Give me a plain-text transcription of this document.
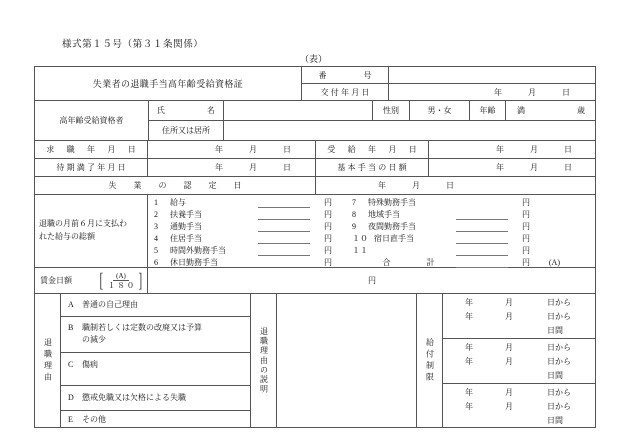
様式第１５号（第３１条関係）
（表）
失業者の退職手当高年齢受給資格証
番　　号
交付年月日	年	月	日
高年齢受給資格者
氏　　　名	性別	男・女	年齢	満　　　歳
住所又は居所
求　職　年　月　日	年	月	日	受　給　年　月　日	年	月	日
待期満了年月日	年	月	日	基本手当の日額	年	月	日
失　業　の　認　定　日	年	月	日
退職の月前６月に支払わ
れた給与の総額
1	給与	円
2	扶養手当	円
3	通勤手当	円
4	住居手当	円
5	時間外勤務手当	円
6	休日勤務手当	円
7	特殊勤務手当	円
8	地域手当	円
9	夜間勤務手当	円
１０ 宿日直手当	円
１１	円
合　　　計	円	(A)
賃金日額 [ $\frac{(A)}{180}$ ]	円
退職理由
A	普通の自己理由
B	職制若しくは定数の改廃又は予算
の減少
C	傷病
D	懲戒免職又は欠格による失職
E	その他
退職理由の説明	給付制限
年	月	日から
年	月	日から
日間
年	月	日から
年	月	日から
日間
年	月	日から
年	月	日から
日間
